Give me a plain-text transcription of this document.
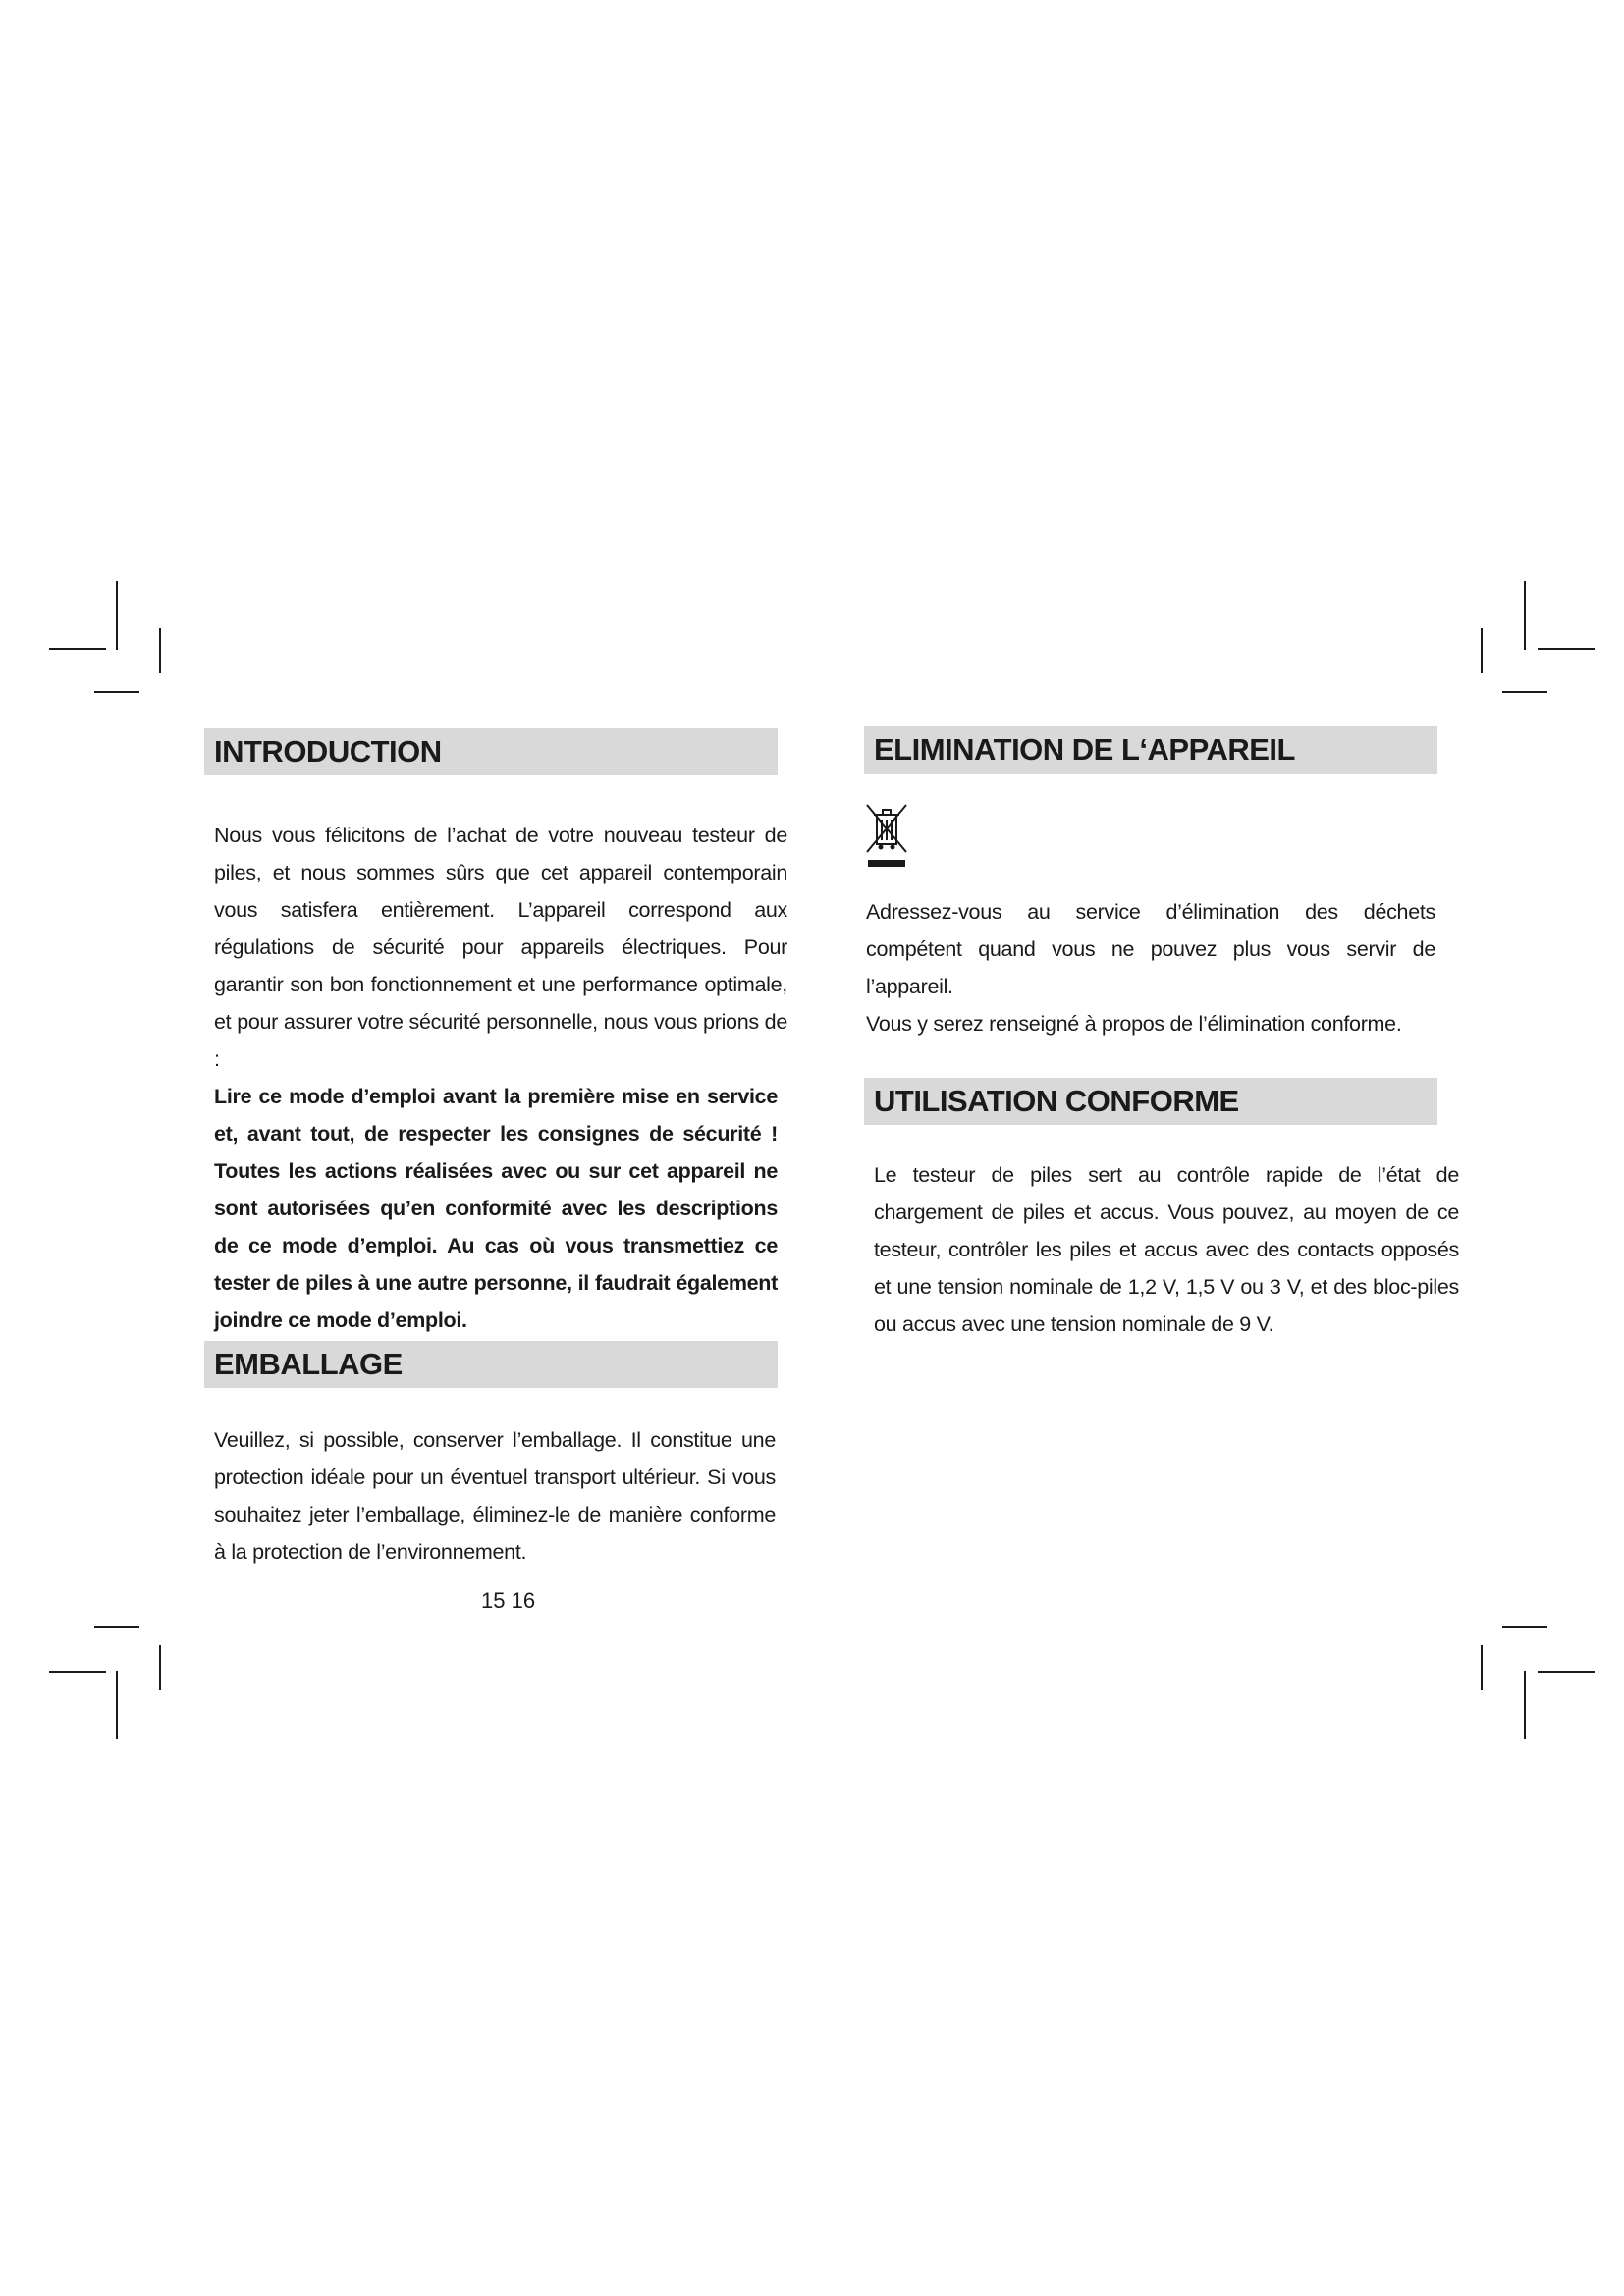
INTRODUCTION

Nous vous félicitons de l’achat de votre nouveau testeur de piles, et nous sommes sûrs que cet appareil contemporain vous satisfera entièrement. L’appareil correspond aux régulations de sécurité pour appareils électriques. Pour garantir son bon fonctionnement et une performance optimale, et pour assurer votre sécurité personnelle, nous vous prions de :

Lire ce mode d’emploi avant la première mise en service et, avant tout, de respecter les consignes de sécurité ! Toutes les actions réalisées avec ou sur cet appareil ne sont autorisées qu’en conformité avec les descriptions de ce mode d’emploi. Au cas où vous transmettiez ce tester de piles à une autre personne, il faudrait également joindre ce mode d’emploi.

EMBALLAGE
Veuillez, si possible, conserver l’emballage. Il constitue une protection idéale pour un éventuel transport ultérieur. Si vous souhaitez jeter l’emballage, éliminez-le de manière conforme à la protection de l’environnement.
15 16
ELIMINATION DE L‘APPAREIL

Adressez-vous au service d’élimination des déchets compétent quand vous ne pouvez plus vous servir de l’appareil.

Vous y serez renseigné à propos de l’élimination conforme.

UTILISATION CONFORME
Le testeur de piles sert au contrôle rapide de l’état de chargement de piles et accus. Vous pouvez, au moyen de ce testeur, contrôler les piles et accus avec des contacts opposés et une tension nominale de 1,2 V, 1,5 V ou 3 V, et des bloc-piles ou accus avec une tension nominale de 9 V.
